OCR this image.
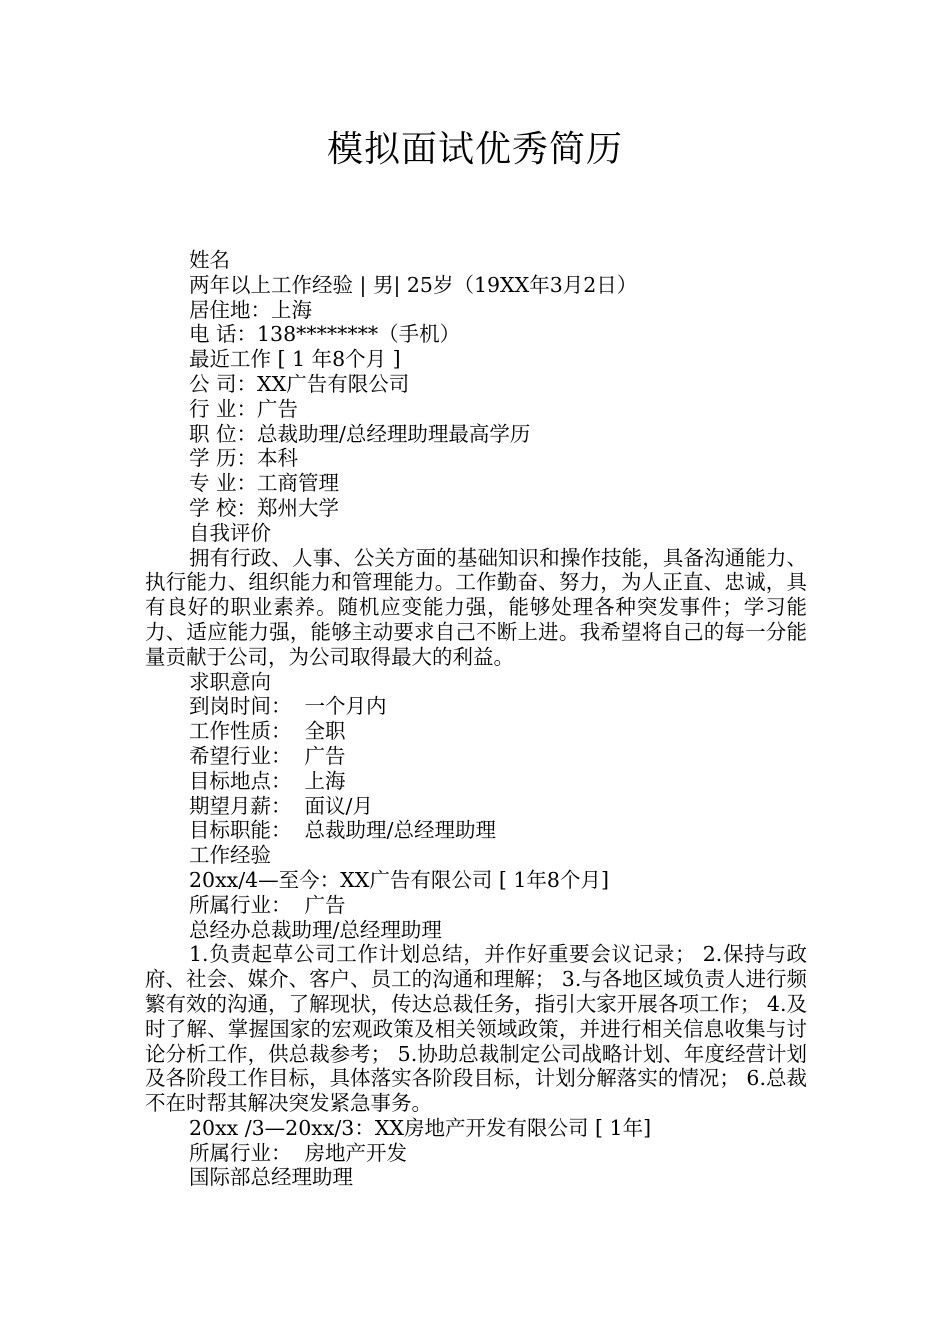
模拟面试优秀简历
姓名
两年以上工作经验 | 男| 25岁（19XX年3月2日）
居住地：上海
电 话：138********（手机）
最近工作 [ 1 年8个月 ]
公 司：XX广告有限公司
行 业：广告
职 位：总裁助理/总经理助理最高学历
学 历：本科
专 业：工商管理
学 校：郑州大学
自我评价
拥有行政、人事、公关方面的基础知识和操作技能，具备沟通能力、执行能力、组织能力和管理能力。工作勤奋、努力，为人正直、忠诚，具有良好的职业素养。随机应变能力强，能够处理各种突发事件；学习能力、适应能力强，能够主动要求自己不断上进。我希望将自己的每一分能量贡献于公司，为公司取得最大的利益。
求职意向
到岗时间：  一个月内
工作性质：  全职
希望行业：  广告
目标地点：  上海
期望月薪：  面议/月
目标职能：  总裁助理/总经理助理
工作经验
20xx/4—至今：XX广告有限公司 [ 1年8个月]
所属行业：  广告
总经办总裁助理/总经理助理
1.负责起草公司工作计划总结，并作好重要会议记录； 2.保持与政府、社会、媒介、客户、员工的沟通和理解； 3.与各地区域负责人进行频繁有效的沟通，了解现状，传达总裁任务，指引大家开展各项工作； 4.及时了解、掌握国家的宏观政策及相关领域政策，并进行相关信息收集与讨论分析工作，供总裁参考； 5.协助总裁制定公司战略计划、年度经营计划及各阶段工作目标，具体落实各阶段目标，计划分解落实的情况； 6.总裁不在时帮其解决突发紧急事务。
20xx /3—20xx/3：XX房地产开发有限公司 [ 1年]
所属行业：  房地产开发
国际部总经理助理
